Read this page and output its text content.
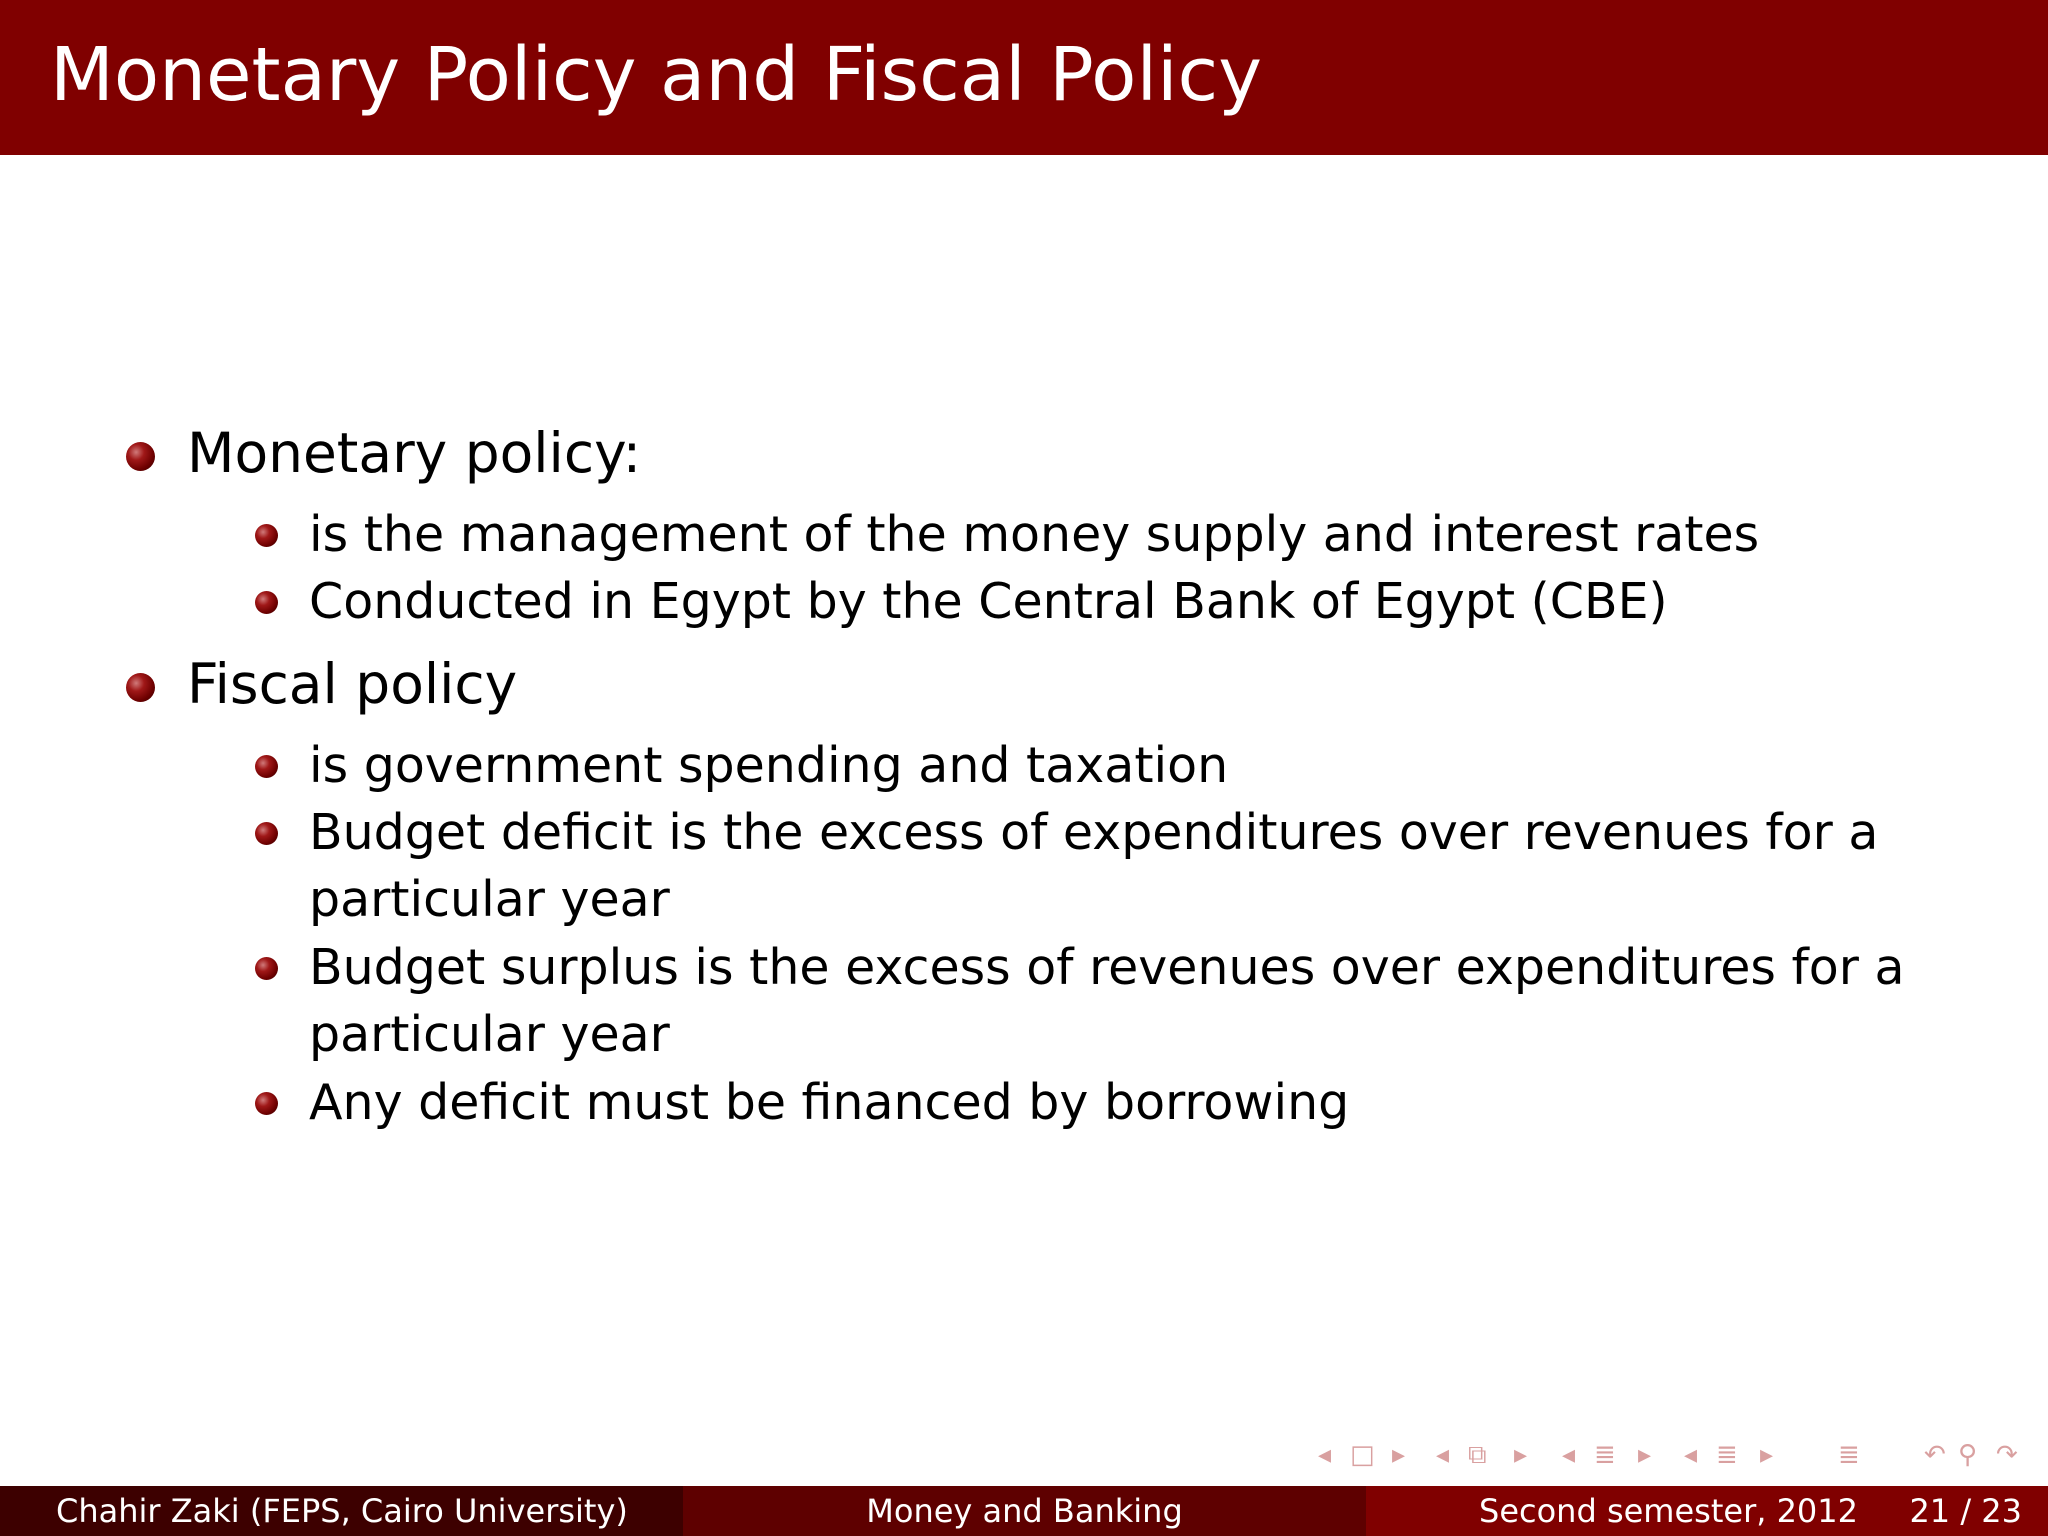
Monetary Policy and Fiscal Policy
Monetary policy:
is the management of the money supply and interest rates
Conducted in Egypt by the Central Bank of Egypt (CBE)
Fiscal policy
is government spending and taxation
Budget deficit is the excess of expenditures over revenues for a
particular year
Budget surplus is the excess of revenues over expenditures for a
particular year
Any deficit must be financed by borrowing
◂ □ ▸ ◂ ⧉ ▸ ◂ ≣ ▸ ◂ ≣ ▸ ≣ ↶ ⚲ ↷
Chahir Zaki (FEPS, Cairo University)	Money and Banking	Second semester, 2012 21 / 23
